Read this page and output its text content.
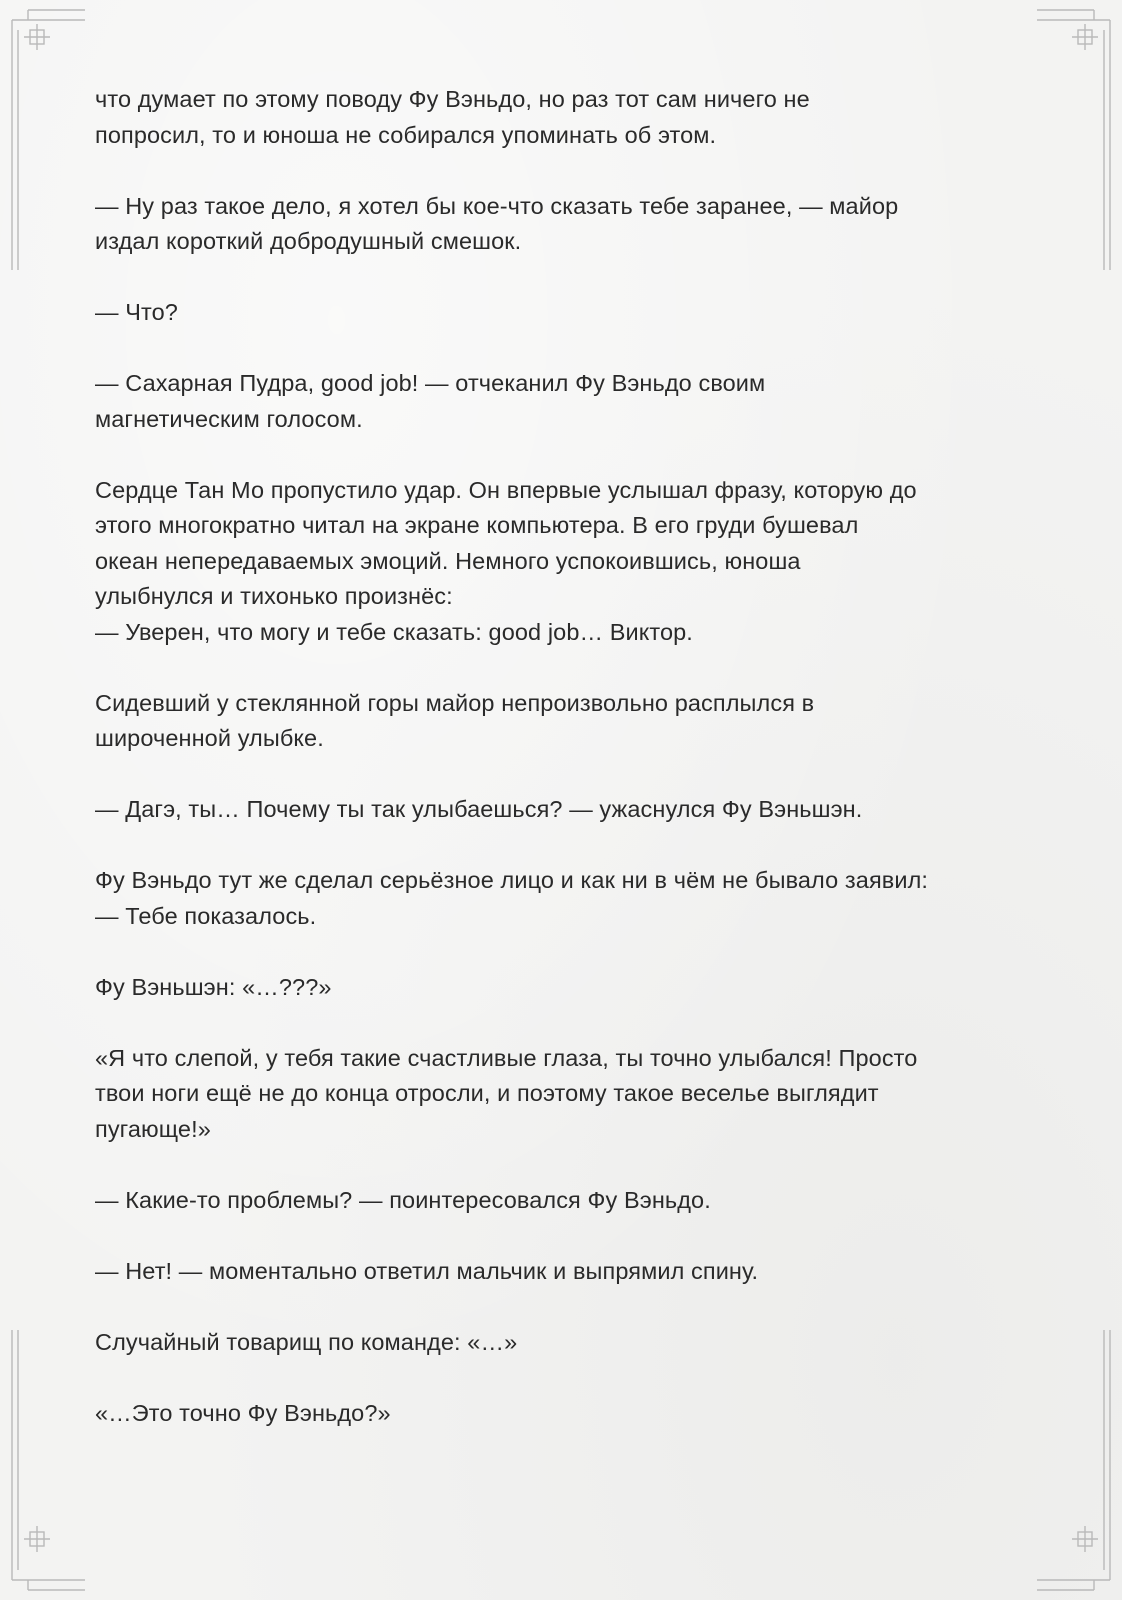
что думает по этому поводу Фу Вэньдо, но раз тот сам ничего не
попросил, то и юноша не собирался упоминать об этом.

— Ну раз такое дело, я хотел бы кое-что сказать тебе заранее, — майор
издал короткий добродушный смешок.

— Что?

— Сахарная Пудра, good job! — отчеканил Фу Вэньдо своим
магнетическим голосом.

Сердце Тан Мо пропустило удар. Он впервые услышал фразу, которую до
этого многократно читал на экране компьютера. В его груди бушевал
океан непередаваемых эмоций. Немного успокоившись, юноша
улыбнулся и тихонько произнёс:
— Уверен, что могу и тебе сказать: good job… Виктор.

Сидевший у стеклянной горы майор непроизвольно расплылся в
широченной улыбке.

— Дагэ, ты… Почему ты так улыбаешься? — ужаснулся Фу Вэньшэн.

Фу Вэньдо тут же сделал серьёзное лицо и как ни в чём не бывало заявил:
— Тебе показалось.

Фу Вэньшэн: «…???»

«Я что слепой, у тебя такие счастливые глаза, ты точно улыбался! Просто
твои ноги ещё не до конца отросли, и поэтому такое веселье выглядит
пугающе!»

— Какие-то проблемы? — поинтересовался Фу Вэньдо.

— Нет! — моментально ответил мальчик и выпрямил спину.

Случайный товарищ по команде: «…»

«…Это точно Фу Вэньдо?»
